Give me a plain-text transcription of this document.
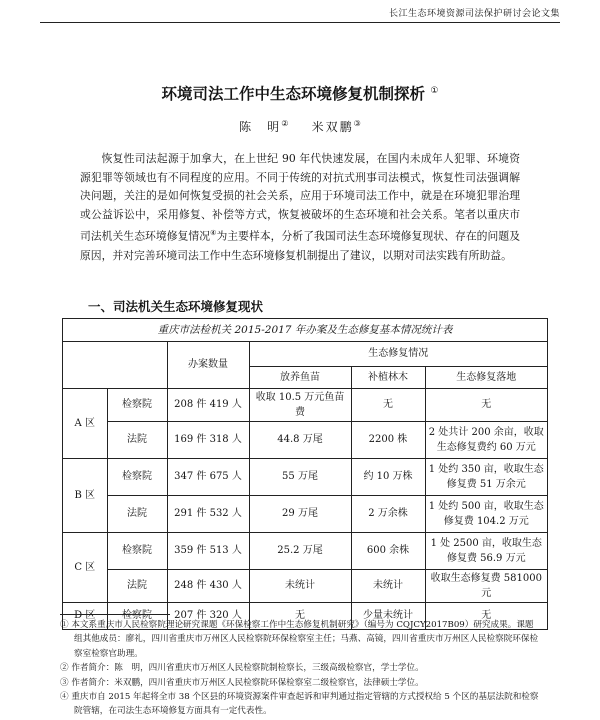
长江生态环境资源司法保护研讨会论文集
环境司法工作中生态环境修复机制探析 ①
陈　明② 米双鹏③

恢复性司法起源于加拿大，在上世纪 90 年代快速发展，在国内未成年人犯罪、环境资源犯罪等领域也有不同程度的应用。不同于传统的对抗式刑事司法模式，恢复性司法强调解决问题，关注的是如何恢复受损的社会关系，应用于环境司法工作中，就是在环境犯罪治理或公益诉讼中，采用修复、补偿等方式，恢复被破坏的生态环境和社会关系。笔者以重庆市司法机关生态环境修复情况④为主要样本，分析了我国司法生态环境修复现状、存在的问题及原因，并对完善环境司法工作中生态环境修复机制提出了建议，以期对司法实践有所助益。

一、司法机关生态环境修复现状
重庆市法检机关 2015-2017 年办案及生态修复基本情况统计表
		办案数量	生态修复情况		
			放养鱼苗	补植林木	生态修复落地
A 区	检察院	208 件 419 人	收取 10.5 万元鱼苗费	无	无
	法院	169 件 318 人	44.8 万尾	2200 株	2 处共计 200 余亩，收取生态修复费约 60 万元
B 区	检察院	347 件 675 人	55 万尾	约 10 万株	1 处约 350 亩，收取生态修复费 51 万余元
	法院	291 件 532 人	29 万尾	2 万余株	1 处约 500 亩，收取生态修复费 104.2 万元
C 区	检察院	359 件 513 人	25.2 万尾	600 余株	1 处 2500 亩，收取生态修复费 56.9 万元
	法院	248 件 430 人	未统计	未统计	收取生态修复费 581000 元
D 区	检察院	207 件 320 人	无	少量未统计	无
① 本文系重庆市人民检察院理论研究课题《环保检察工作中生态修复机制研究》（编号为 CQJCY2017B09）研究成果。课题组其他成员：廖礼，四川省重庆市万州区人民检察院环保检察室主任；马燕、高镜，四川省重庆市万州区人民检察院环保检察室检察官助理。
② 作者简介：陈　明，四川省重庆市万州区人民检察院制检察长，三级高级检察官，学士学位。
③ 作者简介：米双鹏，四川省重庆市万州区人民检察院环保检察室二级检察官，法律硕士学位。
④ 重庆市自 2015 年起将全市 38 个区县的环境资源案件审查起诉和审判通过指定管辖的方式授权给 5 个区的基层法院和检察院管辖，在司法生态环境修复方面具有一定代表性。
